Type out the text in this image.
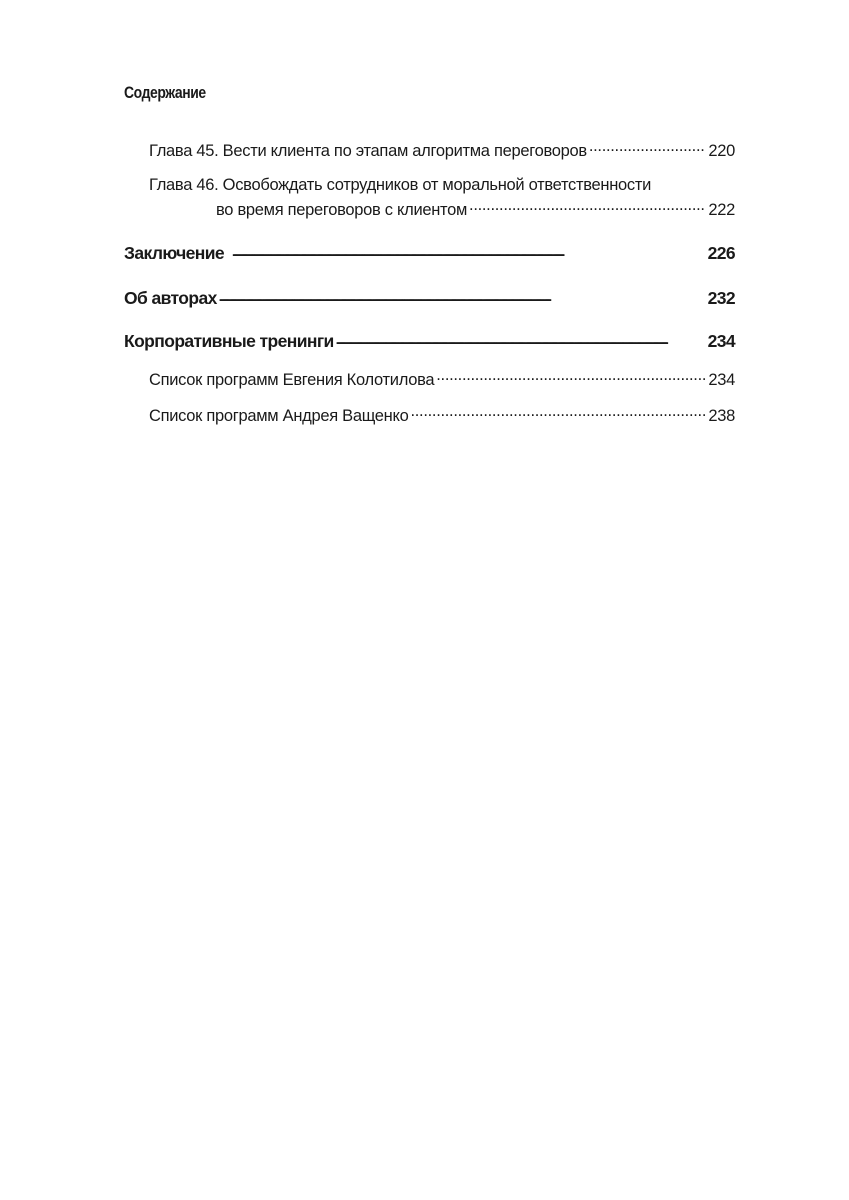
Содержание
Глава 45. Вести клиента по этапам алгоритма переговоров .....	220
Глава 46. Освобождать сотрудников от моральной ответственности
во время переговоров с клиентом .....	222
Заключение .....	226
Об авторах .....	232
Корпоративные тренинги .....	234
Список программ Евгения Колотилова .....	234
Список программ Андрея Ващенко .....	238
